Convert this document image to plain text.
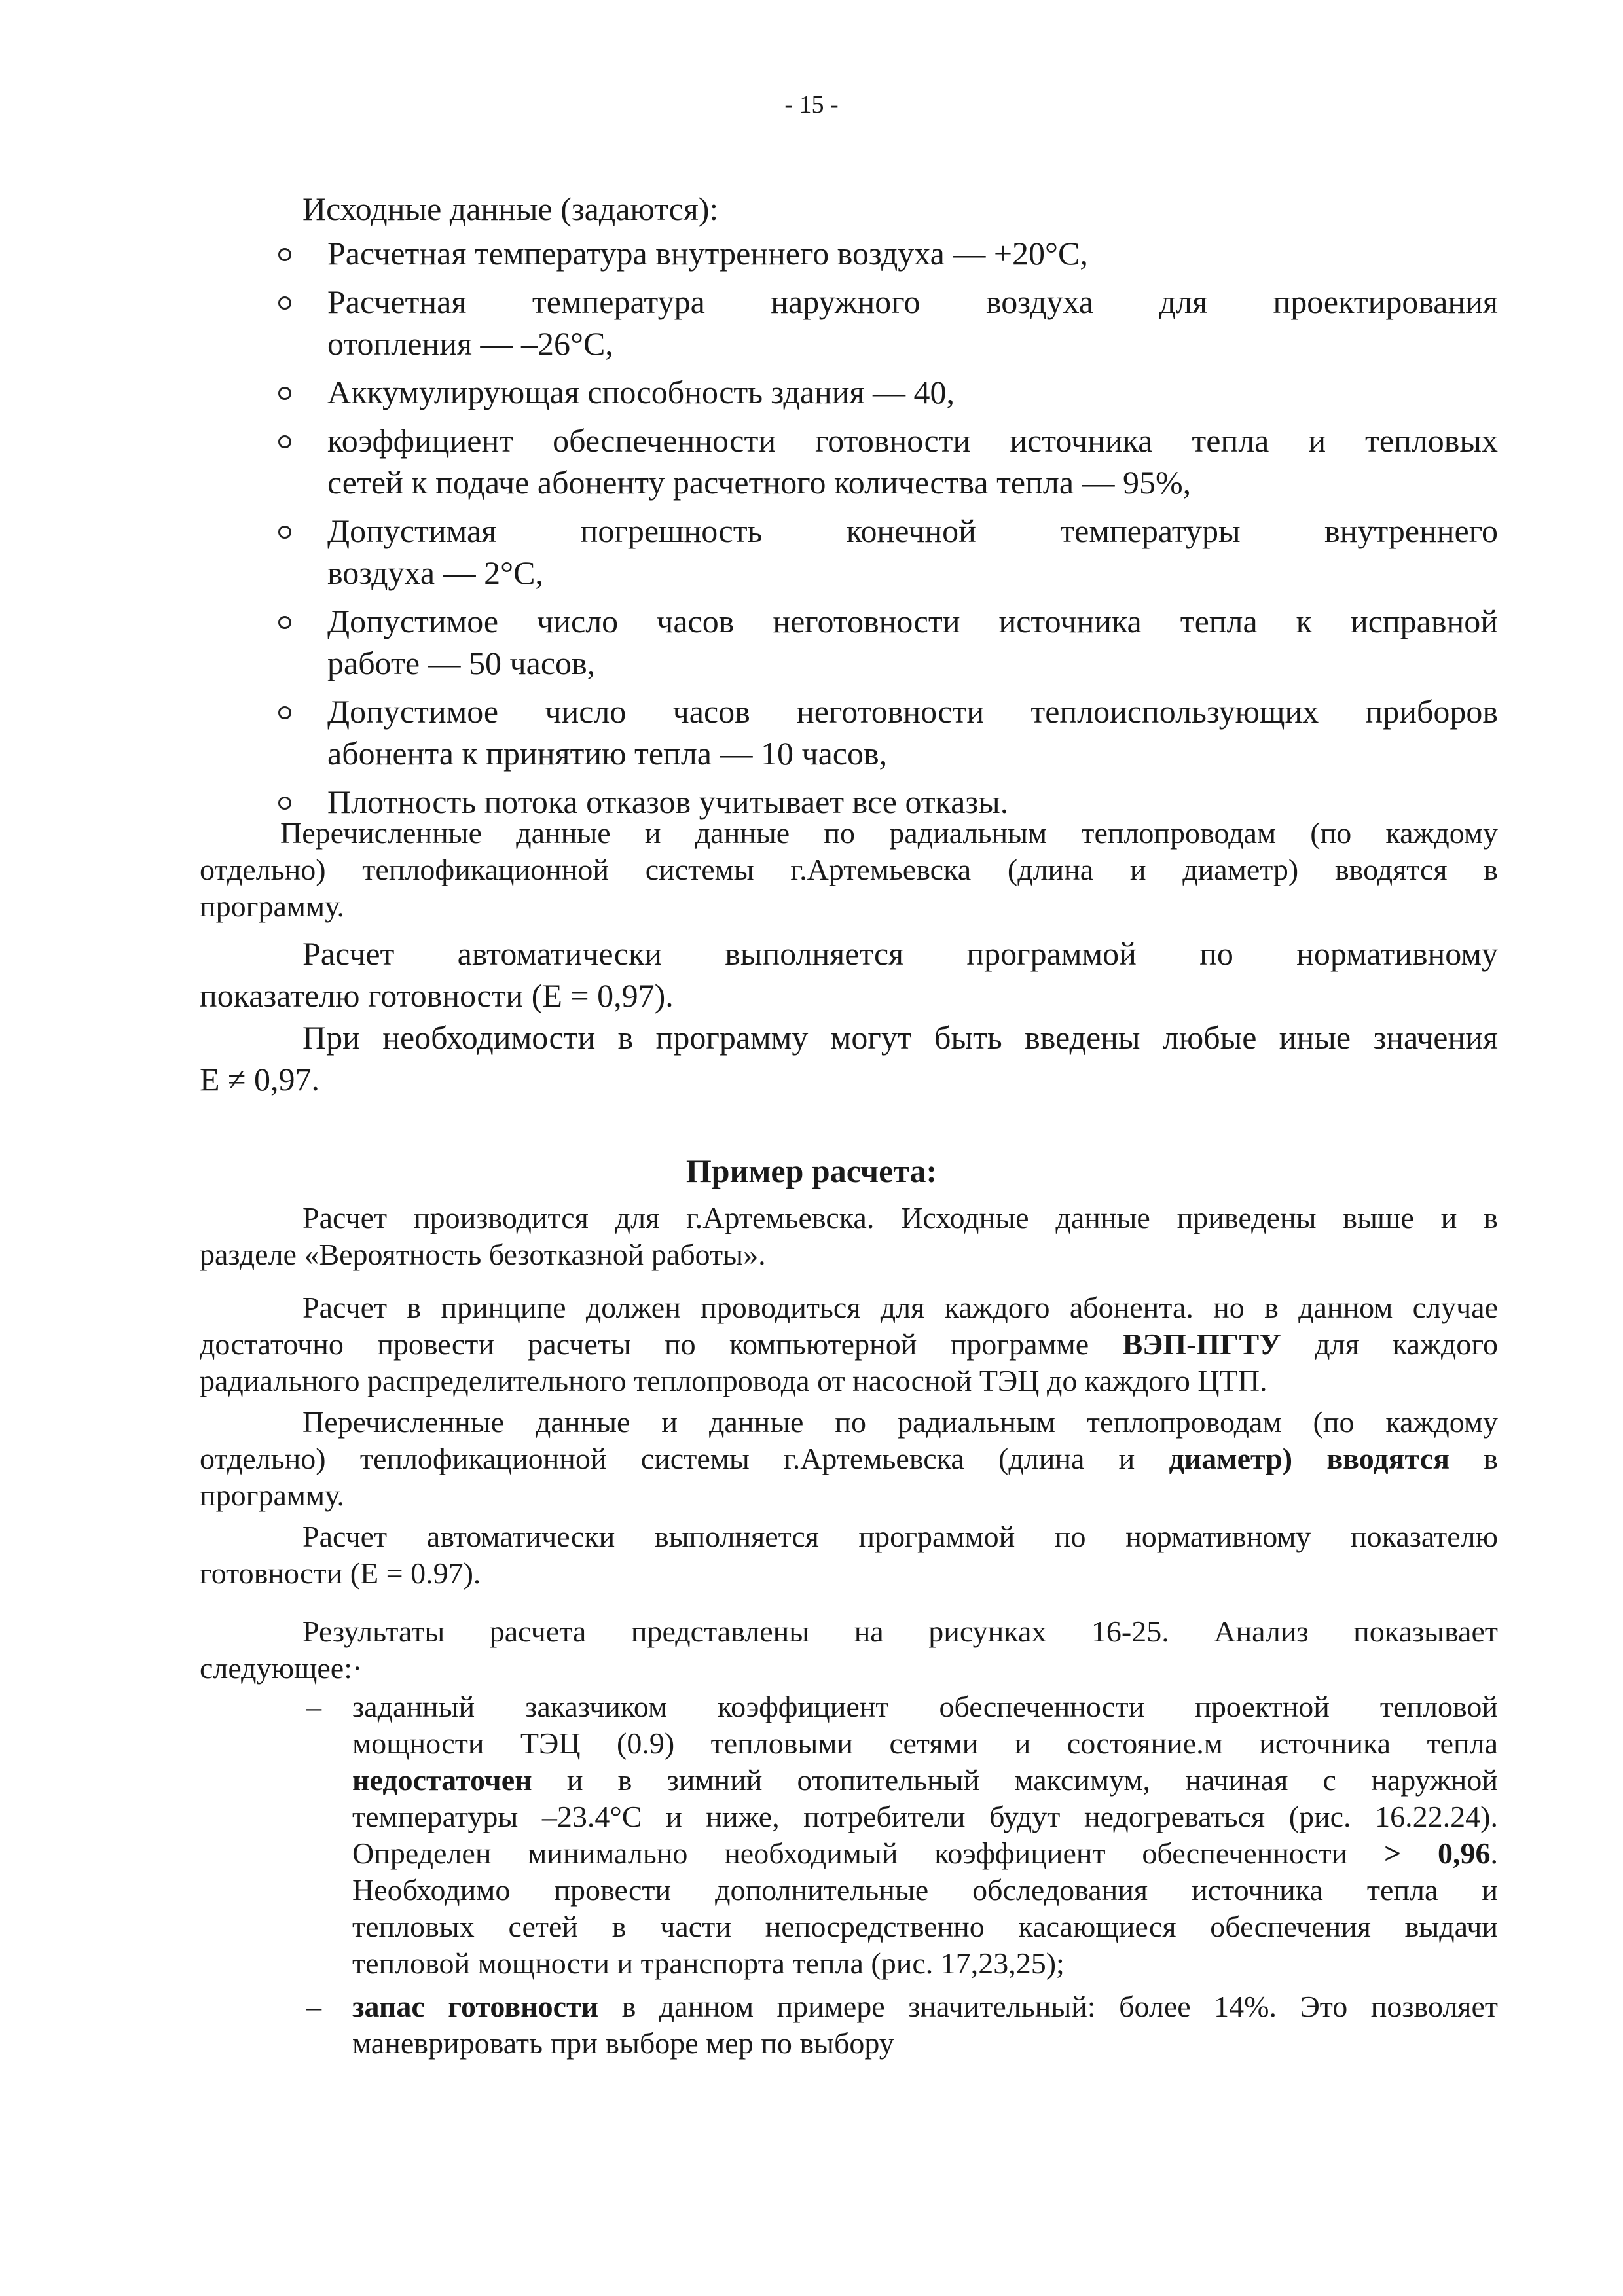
- 15 -
Исходные данные (задаются):
Расчетная температура внутреннего воздуха — +20°C,
Расчетная температура наружного воздуха для проектирования
отопления — –26°C,
Аккумулирующая способность здания — 40,
коэффициент обеспеченности готовности источника тепла и тепловых
сетей к подаче абоненту расчетного количества тепла — 95%,
Допустимая погрешность конечной температуры внутреннего
воздуха — 2°C,
Допустимое число часов неготовности источника тепла к исправной
работе — 50 часов,
Допустимое число часов неготовности теплоиспользующих приборов
абонента к принятию тепла — 10 часов,
Плотность потока отказов учитывает все отказы.
Перечисленные данные и данные по радиальным теплопроводам (по каждому
отдельно) теплофикационной системы г.Артемьевска (длина и диаметр) вводятся в
программу.
Расчет автоматически выполняется программой по нормативному
показателю готовности (Е = 0,97).
При необходимости в программу могут быть введены любые иные значения
Е ≠ 0,97.
Пример расчета:
Расчет производится для г.Артемьевска. Исходные данные приведены выше и в
разделе «Вероятность безотказной работы».
Расчет в принципе должен проводиться для каждого абонента. но в данном случае
достаточно провести расчеты по компьютерной программе ВЭП-ПГТУ для каждого
радиального распределительного теплопровода от насосной ТЭЦ до каждого ЦТП.
Перечисленные данные и данные по радиальным теплопроводам (по каждому
отдельно) теплофикационной системы г.Артемьевска (длина и диаметр) вводятся в
программу.
Расчет автоматически выполняется программой по нормативному показателю
готовности (Е = 0.97).
Результаты расчета представлены на рисунках 16-25. Анализ показывает
следующее:·
– заданный заказчиком коэффициент обеспеченности проектной тепловой
мощности ТЭЦ (0.9) тепловыми сетями и состояние.м источника тепла
недостаточен и в зимний отопительный максимум, начиная с наружной
температуры –23.4°С и ниже, потребители будут недогреваться (рис. 16.22.24).
Определен минимально необходимый коэффициент обеспеченности > 0,96.
Необходимо провести дополнительные обследования источника тепла и
тепловых сетей в части непосредственно касающиеся обеспечения выдачи
тепловой мощности и транспорта тепла (рис. 17,23,25);
– запас готовности в данном примере значительный: более 14%. Это позволяет
маневрировать при выборе мер по выбору
